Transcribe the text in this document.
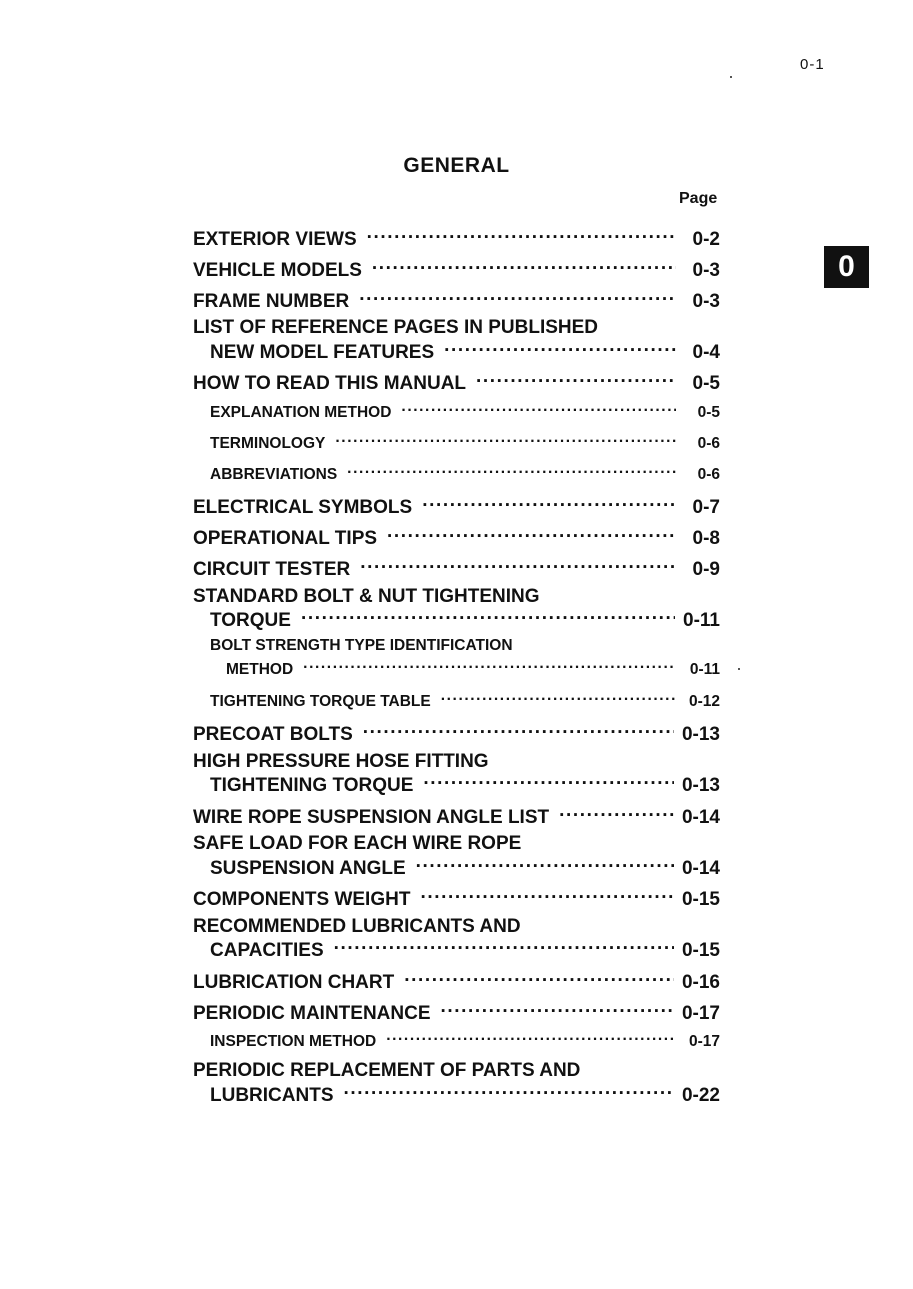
0-1
0
GENERAL
Page
EXTERIOR VIEWS .....	0-2
VEHICLE MODELS .....	0-3
FRAME NUMBER .....	0-3
LIST OF REFERENCE PAGES IN PUBLISHED
NEW MODEL FEATURES .....	0-4
HOW TO READ THIS MANUAL .....	0-5
EXPLANATION METHOD .....	0-5
TERMINOLOGY .....	0-6
ABBREVIATIONS .....	0-6
ELECTRICAL SYMBOLS .....	0-7
OPERATIONAL TIPS .....	0-8
CIRCUIT TESTER .....	0-9
STANDARD BOLT & NUT TIGHTENING
TORQUE .....	0-11
BOLT STRENGTH TYPE IDENTIFICATION
METHOD .....	0-11
TIGHTENING TORQUE TABLE .....	0-12
PRECOAT BOLTS .....	0-13
HIGH PRESSURE HOSE FITTING
TIGHTENING TORQUE .....	0-13
WIRE ROPE SUSPENSION ANGLE LIST .....	0-14
SAFE LOAD FOR EACH WIRE ROPE
SUSPENSION ANGLE .....	0-14
COMPONENTS WEIGHT .....	0-15
RECOMMENDED LUBRICANTS AND
CAPACITIES .....	0-15
LUBRICATION CHART .....	0-16
PERIODIC MAINTENANCE .....	0-17
INSPECTION METHOD .....	0-17
PERIODIC REPLACEMENT OF PARTS AND
LUBRICANTS .....	0-22
